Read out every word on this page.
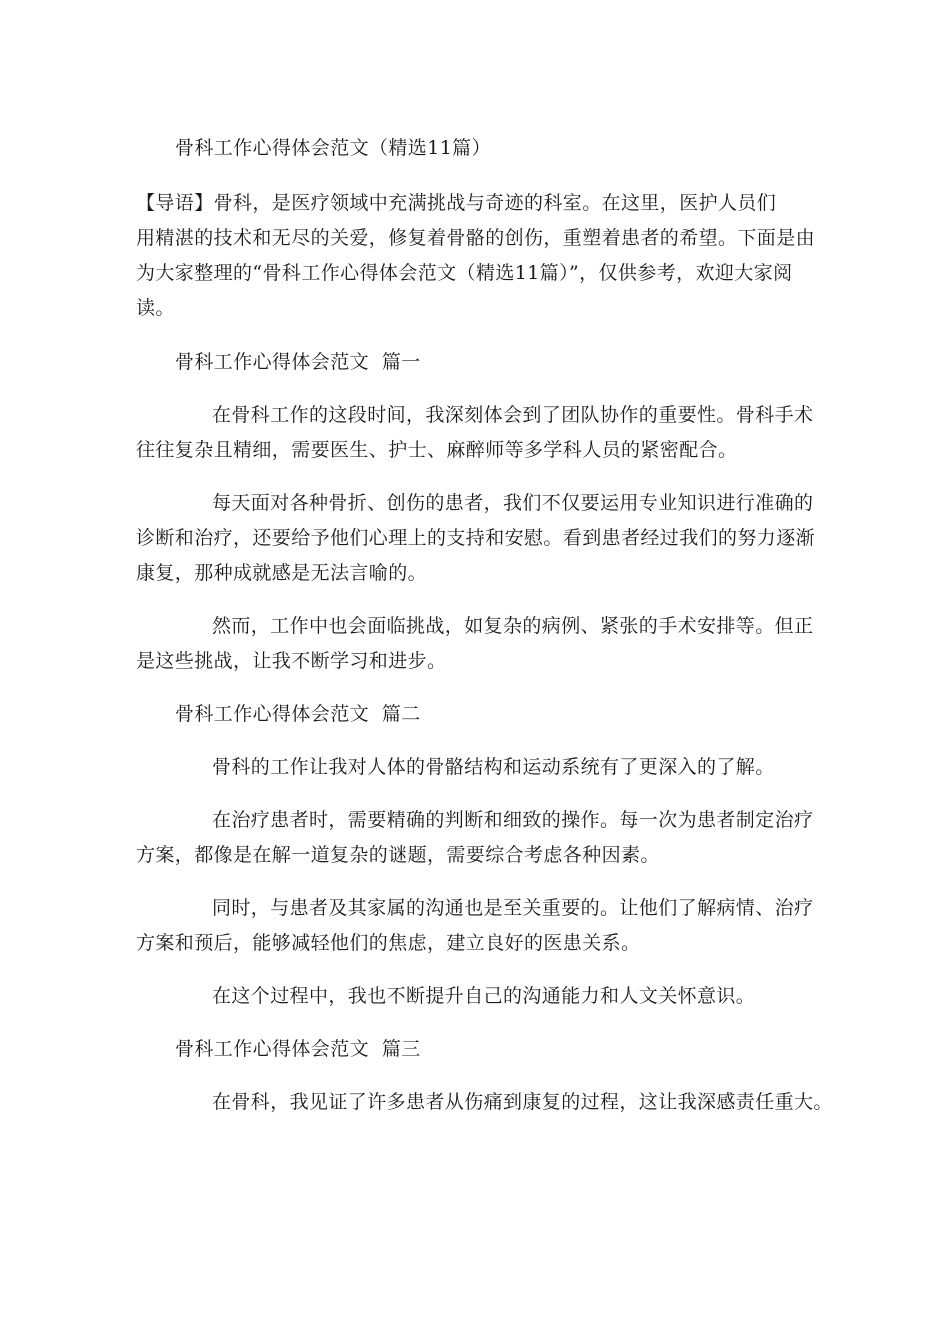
骨科工作心得体会范文（精选11篇）
【导语】骨科，是医疗领域中充满挑战与奇迹的科室。在这里，医护人员们
用精湛的技术和无尽的关爱，修复着骨骼的创伤，重塑着患者的希望。下面是由
为大家整理的“骨科工作心得体会范文（精选11篇）”，仅供参考，欢迎大家阅
读。
骨科工作心得体会范文  篇一
在骨科工作的这段时间，我深刻体会到了团队协作的重要性。骨科手术
往往复杂且精细，需要医生、护士、麻醉师等多学科人员的紧密配合。
每天面对各种骨折、创伤的患者，我们不仅要运用专业知识进行准确的
诊断和治疗，还要给予他们心理上的支持和安慰。看到患者经过我们的努力逐渐
康复，那种成就感是无法言喻的。
然而，工作中也会面临挑战，如复杂的病例、紧张的手术安排等。但正
是这些挑战，让我不断学习和进步。
骨科工作心得体会范文  篇二
骨科的工作让我对人体的骨骼结构和运动系统有了更深入的了解。
在治疗患者时，需要精确的判断和细致的操作。每一次为患者制定治疗
方案，都像是在解一道复杂的谜题，需要综合考虑各种因素。
同时，与患者及其家属的沟通也是至关重要的。让他们了解病情、治疗
方案和预后，能够减轻他们的焦虑，建立良好的医患关系。
在这个过程中，我也不断提升自己的沟通能力和人文关怀意识。
骨科工作心得体会范文  篇三
在骨科，我见证了许多患者从伤痛到康复的过程，这让我深感责任重大。
